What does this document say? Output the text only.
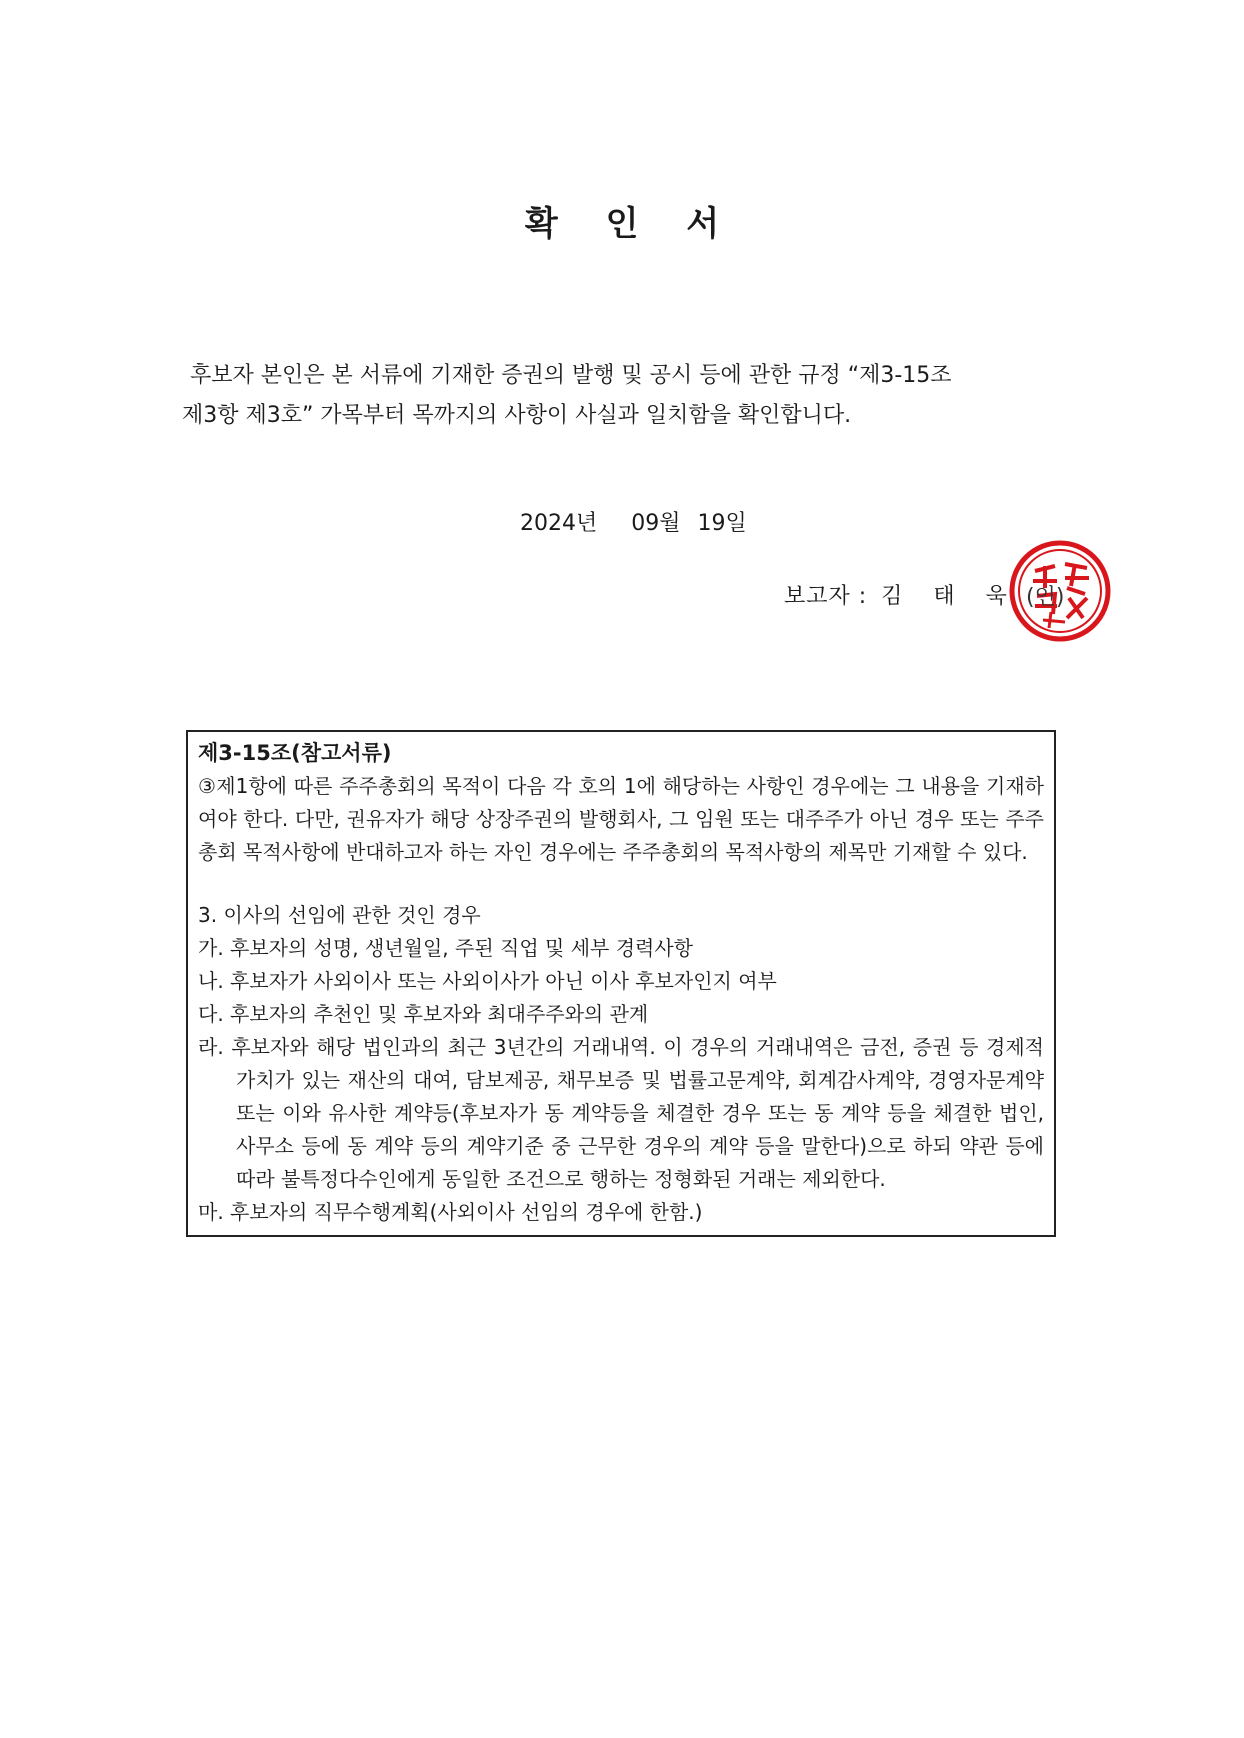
확 인 서
후보자 본인은 본 서류에 기재한 증권의 발행 및 공시 등에 관한 규정 “제3-15조
제3항 제3호” 가목부터 목까지의 사항이 사실과 일치함을 확인합니다.
2024년  09월 19일
보고자 : 김 태 욱 (인)
제3-15조(참고서류)

③제1항에 따른 주주총회의 목적이 다음 각 호의 1에 해당하는 사항인 경우에는 그 내용을 기재하여야 한다. 다만, 권유자가 해당 상장주권의 발행회사, 그 임원 또는 대주주가 아닌 경우 또는 주주총회 목적사항에 반대하고자 하는 자인 경우에는 주주총회의 목적사항의 제목만 기재할 수 있다.

3. 이사의 선임에 관한 것인 경우

가. 후보자의 성명, 생년월일, 주된 직업 및 세부 경력사항

나. 후보자가 사외이사 또는 사외이사가 아닌 이사 후보자인지 여부

다. 후보자의 추천인 및 후보자와 최대주주와의 관계

라. 후보자와 해당 법인과의 최근 3년간의 거래내역. 이 경우의 거래내역은 금전, 증권 등 경제적 가치가 있는 재산의 대여, 담보제공, 채무보증 및 법률고문계약, 회계감사계약, 경영자문계약 또는 이와 유사한 계약등(후보자가 동 계약등을 체결한 경우 또는 동 계약 등을 체결한 법인,사무소 등에 동 계약 등의 계약기준 중 근무한 경우의 계약 등을 말한다)으로 하되 약관 등에 따라 불특정다수인에게 동일한 조건으로 행하는 정형화된 거래는 제외한다.

마. 후보자의 직무수행계획(사외이사 선임의 경우에 한함.)
